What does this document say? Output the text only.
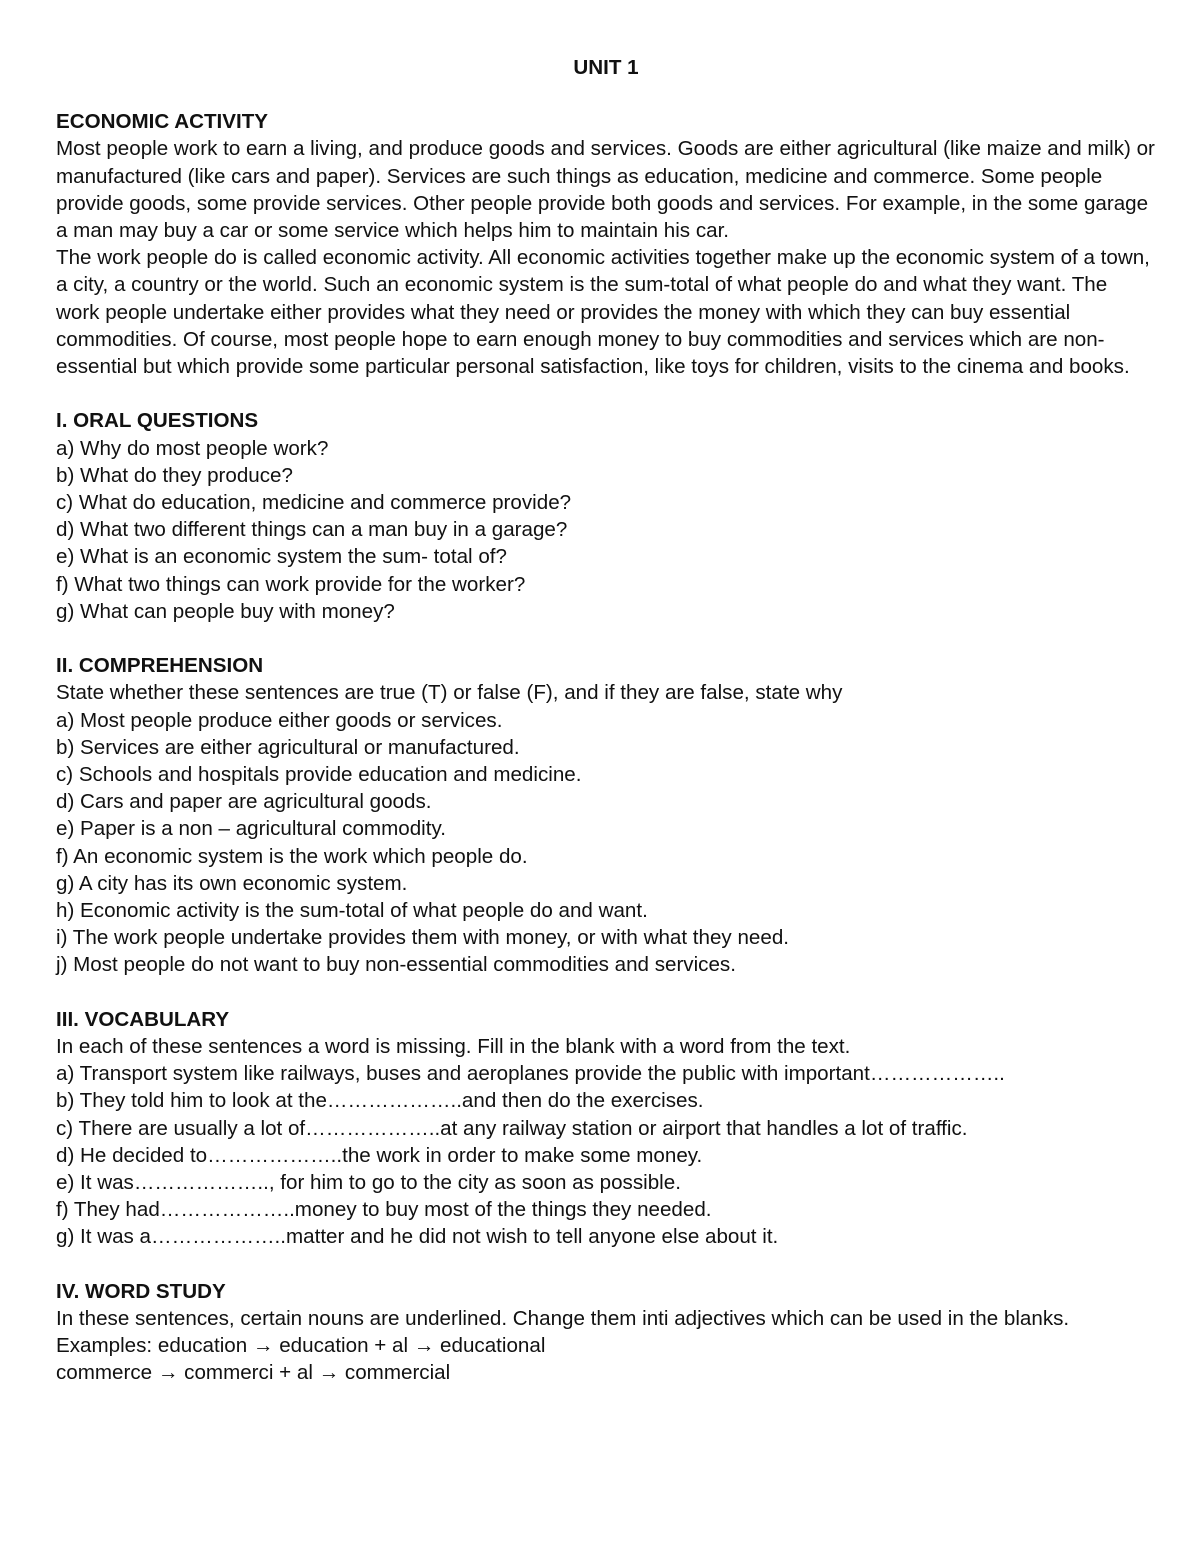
UNIT 1
ECONOMIC ACTIVITY

Most people work to earn a living, and produce goods and services. Goods are either agricultural (like maize and milk) or manufactured (like cars and paper). Services are such things as education, medicine and commerce. Some people provide goods, some provide services. Other people provide both goods and services. For example, in the some garage a man may buy a car or some service which helps him to maintain his car.

The work people do is called economic activity. All economic activities together make up the economic system of a town, a city, a country or the world. Such an economic system is the sum-total of what people do and what they want. The work people undertake either provides what they need or provides the money with which they can buy essential commodities. Of course, most people hope to earn enough money to buy commodities and services which are non-essential but which provide some particular personal satisfaction, like toys for children, visits to the cinema and books.

I. ORAL QUESTIONS
a) Why do most people work?
b) What do they produce?
c) What do education, medicine and commerce provide?
d) What two different things can a man buy in a garage?
e) What is an economic system the sum- total of?
f) What two things can work provide for the worker?
g) What can people buy with money?
II. COMPREHENSION
State whether these sentences are true (T) or false (F), and if they are false, state why
a) Most people produce either goods or services.
b) Services are either agricultural or manufactured.
c) Schools and hospitals provide education and medicine.
d) Cars and paper are agricultural goods.
e) Paper is a non – agricultural commodity.
f) An economic system is the work which people do.
g) A city has its own economic system.
h) Economic activity is the sum-total of what people do and want.
i) The work people undertake provides them with money, or with what they need.
j) Most people do not want to buy non-essential commodities and services.
III. VOCABULARY
In each of these sentences a word is missing. Fill in the blank with a word from the text.
a) Transport system like railways, buses and aeroplanes provide the public with important………………..
b) They told him to look at the………………..and then do the exercises.
c) There are usually a lot of………………..at any railway station or airport that handles a lot of traffic.
d) He decided to………………..the work in order to make some money.
e) It was……………….., for him to go to the city as soon as possible.
f) They had………………..money to buy most of the things they needed.
g) It was a………………..matter and he did not wish to tell anyone else about it.
IV. WORD STUDY

In these sentences, certain nouns are underlined. Change them inti adjectives which can be used in the blanks.

Examples: education → education + al → educational
commerce → commerci + al → commercial
